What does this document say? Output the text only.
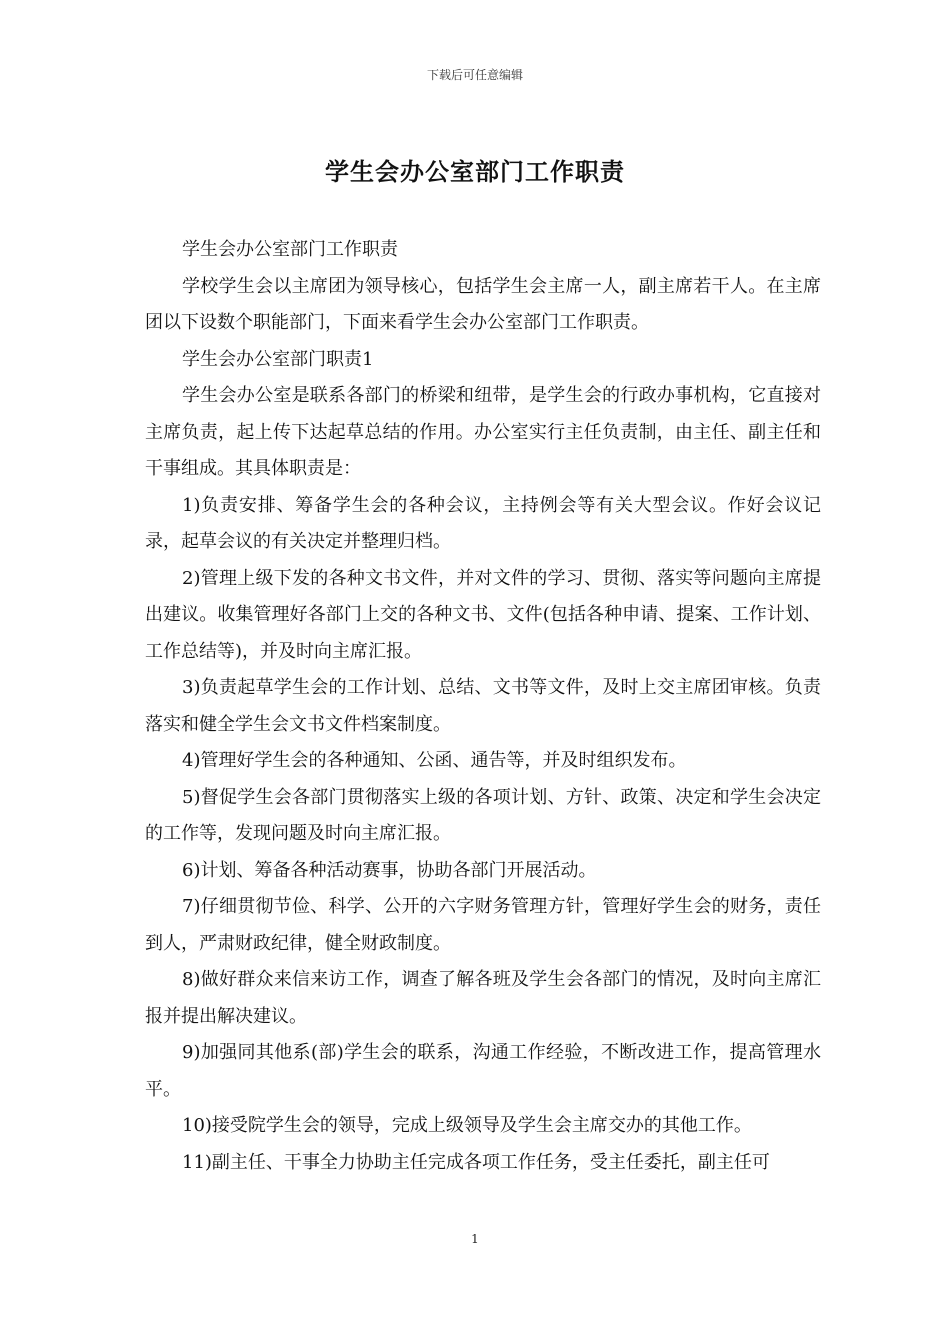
下载后可任意编辑
学生会办公室部门工作职责

学生会办公室部门工作职责

学校学生会以主席团为领导核心，包括学生会主席一人，副主席若干人。在主席团以下设数个职能部门，下面来看学生会办公室部门工作职责。

学生会办公室部门职责1

学生会办公室是联系各部门的桥梁和纽带，是学生会的行政办事机构，它直接对主席负责，起上传下达起草总结的作用。办公室实行主任负责制，由主任、副主任和干事组成。其具体职责是：

1)负责安排、筹备学生会的各种会议，主持例会等有关大型会议。作好会议记录，起草会议的有关决定并整理归档。

2)管理上级下发的各种文书文件，并对文件的学习、贯彻、落实等问题向主席提出建议。收集管理好各部门上交的各种文书、文件(包括各种申请、提案、工作计划、工作总结等)，并及时向主席汇报。

3)负责起草学生会的工作计划、总结、文书等文件，及时上交主席团审核。负责落实和健全学生会文书文件档案制度。

4)管理好学生会的各种通知、公函、通告等，并及时组织发布。

5)督促学生会各部门贯彻落实上级的各项计划、方针、政策、决定和学生会决定的工作等，发现问题及时向主席汇报。

6)计划、筹备各种活动赛事，协助各部门开展活动。

7)仔细贯彻节俭、科学、公开的六字财务管理方针，管理好学生会的财务，责任到人，严肃财政纪律，健全财政制度。

8)做好群众来信来访工作，调查了解各班及学生会各部门的情况，及时向主席汇报并提出解决建议。

9)加强同其他系(部)学生会的联系，沟通工作经验，不断改进工作，提高管理水平。

10)接受院学生会的领导，完成上级领导及学生会主席交办的其他工作。

11)副主任、干事全力协助主任完成各项工作任务，受主任委托，副主任可

1
